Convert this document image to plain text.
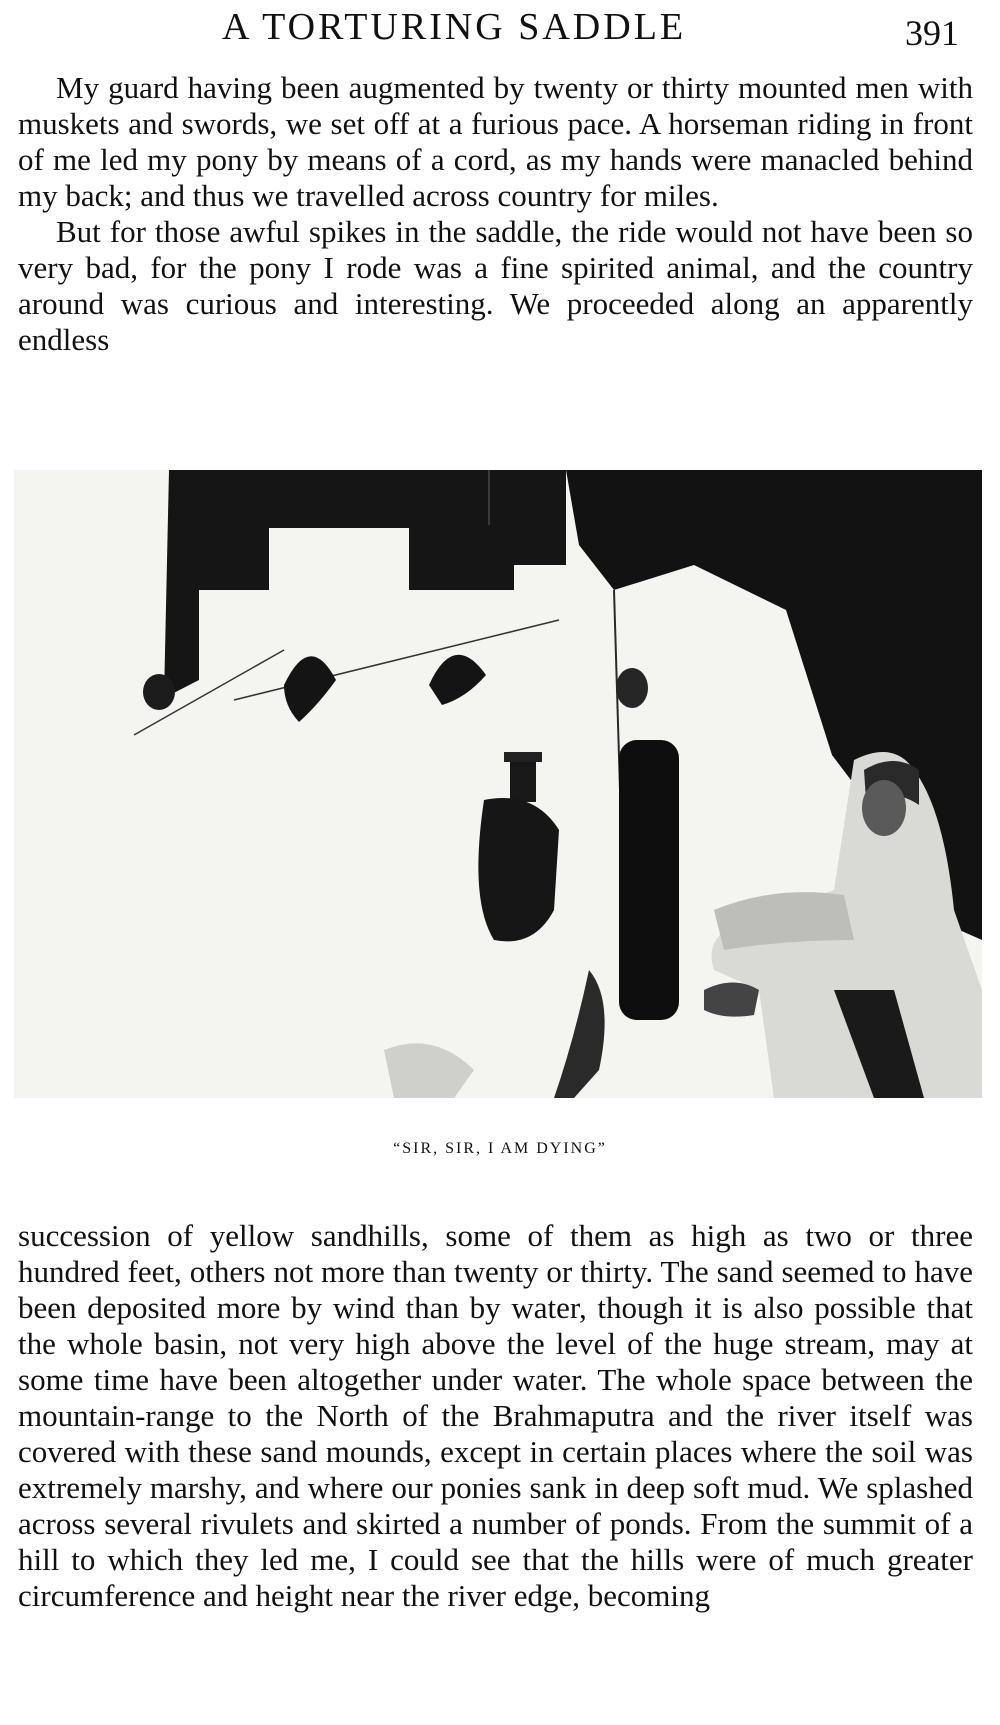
A TORTURING SADDLE	391

My guard having been augmented by twenty or thirty mounted men with muskets and swords, we set off at a furious pace. A horseman riding in front of me led my pony by means of a cord, as my hands were manacled behind my back; and thus we travelled across country for miles.

But for those awful spikes in the saddle, the ride would not have been so very bad, for the pony I rode was a fine spirited animal, and the country around was curious and interesting. We proceeded along an apparently endless

“SIR, SIR, I AM DYING”

succession of yellow sandhills, some of them as high as two or three hundred feet, others not more than twenty or thirty. The sand seemed to have been deposited more by wind than by water, though it is also possible that the whole basin, not very high above the level of the huge stream, may at some time have been altogether under water. The whole space between the mountain-range to the North of the Brahmaputra and the river itself was covered with these sand mounds, except in certain places where the soil was extremely marshy, and where our ponies sank in deep soft mud. We splashed across several rivulets and skirted a number of ponds. From the summit of a hill to which they led me, I could see that the hills were of much greater circumference and height near the river edge, becoming
